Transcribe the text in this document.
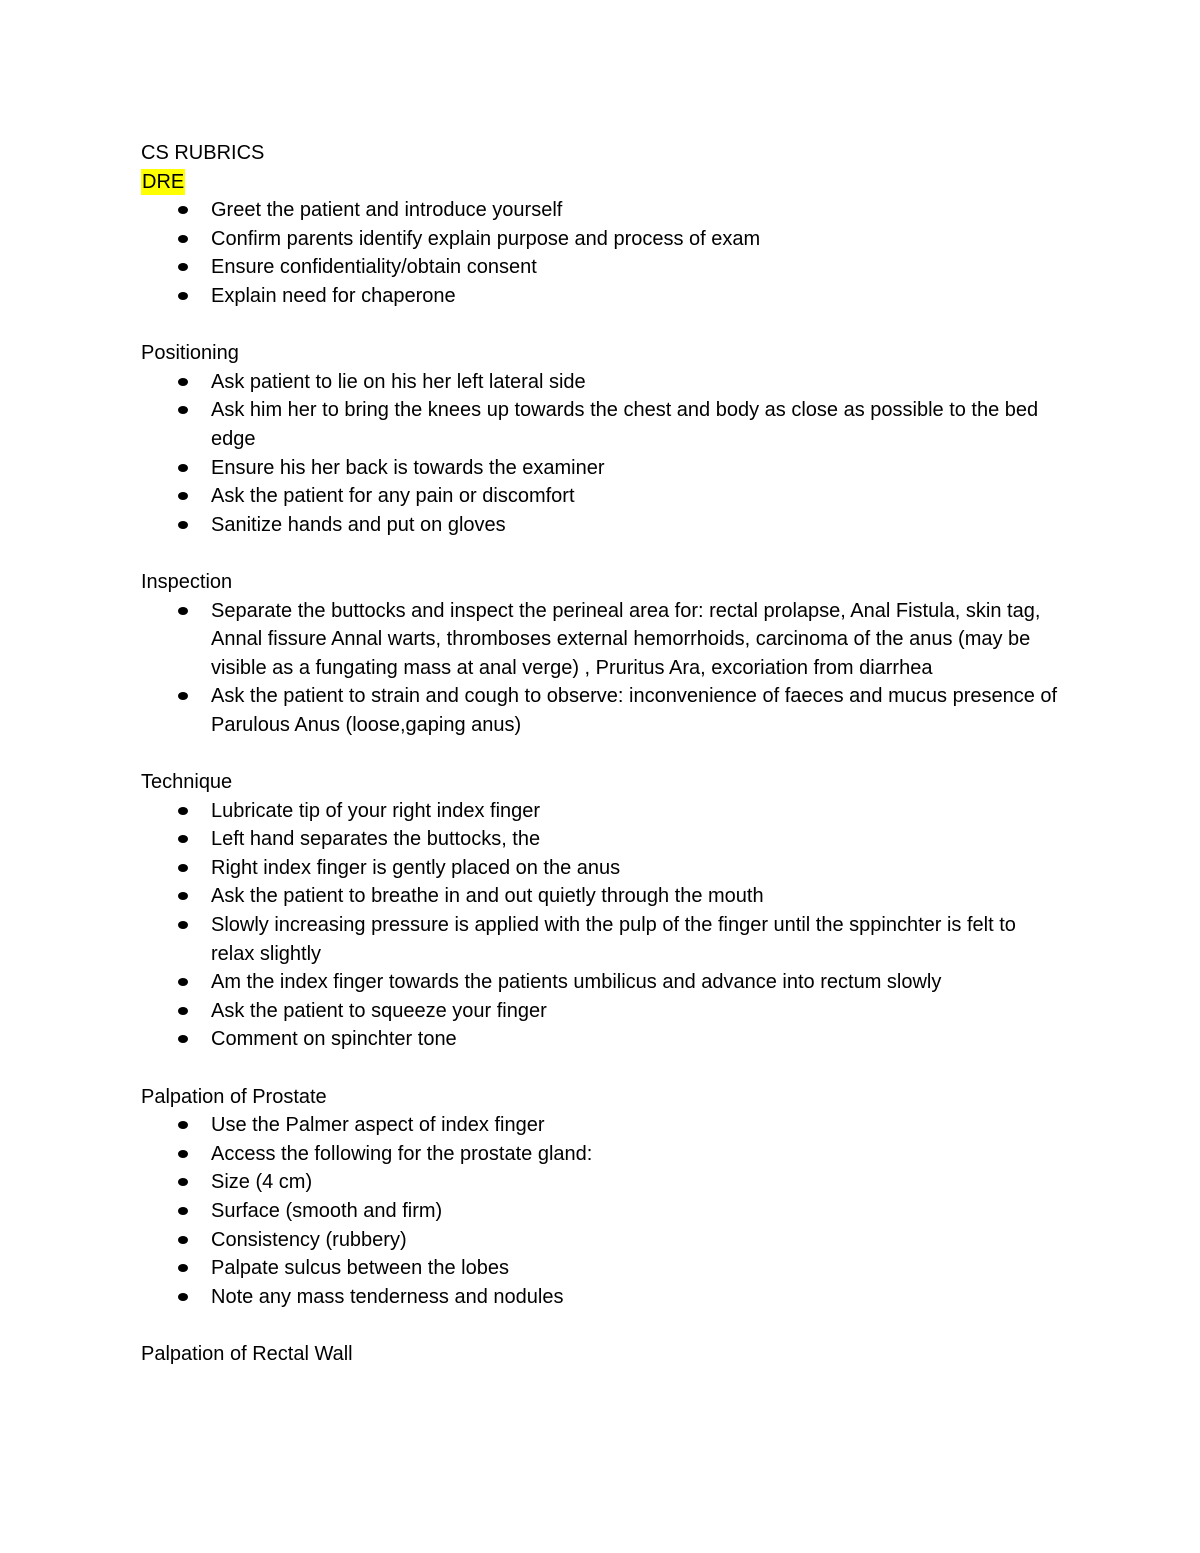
CS RUBRICS
DRE
Greet the patient and introduce yourself
Confirm parents identify explain purpose and process of exam
Ensure confidentiality/obtain consent
Explain need for chaperone
Positioning
Ask patient to lie on his her left lateral side
Ask him her to bring the knees up towards the chest and body as close as possible to the bed edge
Ensure his her back is towards the examiner
Ask the patient for any pain or discomfort
Sanitize hands and put on gloves
Inspection
Separate the buttocks and inspect the perineal area for: rectal prolapse, Anal Fistula, skin tag, Annal fissure Annal warts, thromboses external hemorrhoids, carcinoma of the anus (may be visible as a fungating mass at anal verge) , Pruritus Ara, excoriation from diarrhea
Ask the patient to strain and cough to observe: inconvenience of faeces and mucus presence of Parulous Anus (loose,gaping anus)
Technique
Lubricate tip of your right index finger
Left hand separates the buttocks, the
Right index finger is gently placed on the anus
Ask the patient to breathe in and out quietly through the mouth
Slowly increasing pressure is applied with the pulp of the finger until the sppinchter is felt to relax slightly
Am the index finger towards the patients umbilicus and advance into rectum slowly
Ask the patient to squeeze your finger
Comment on spinchter tone
Palpation of Prostate
Use the Palmer aspect of index finger
Access the following for the prostate gland:
Size (4 cm)
Surface (smooth and firm)
Consistency (rubbery)
Palpate sulcus between the lobes
Note any mass tenderness and nodules
Palpation of Rectal Wall
